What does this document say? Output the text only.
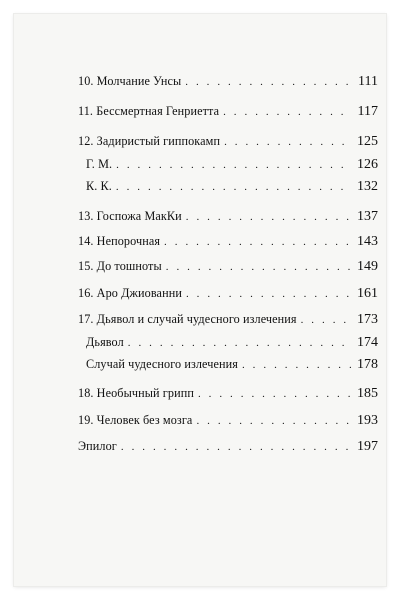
10. Молчание Унсы . . .	111
11. Бессмертная Генриетта . . .	117
12. Задиристый гиппокамп . . .	125
Г. М. . . .	126
К. К. . . .	132
13. Госпожа МакКи . . .	137
14. Непорочная . . .	143
15. До тошноты . . .	149
16. Аро Джиованни . . .	161
17. Дьявол и случай чудесного излечения . . .	173
Дьявол . . .	174
Случай чудесного излечения . . .	178
18. Необычный грипп . . .	185
19. Человек без мозга . . .	193
Эпилог . . .	197
